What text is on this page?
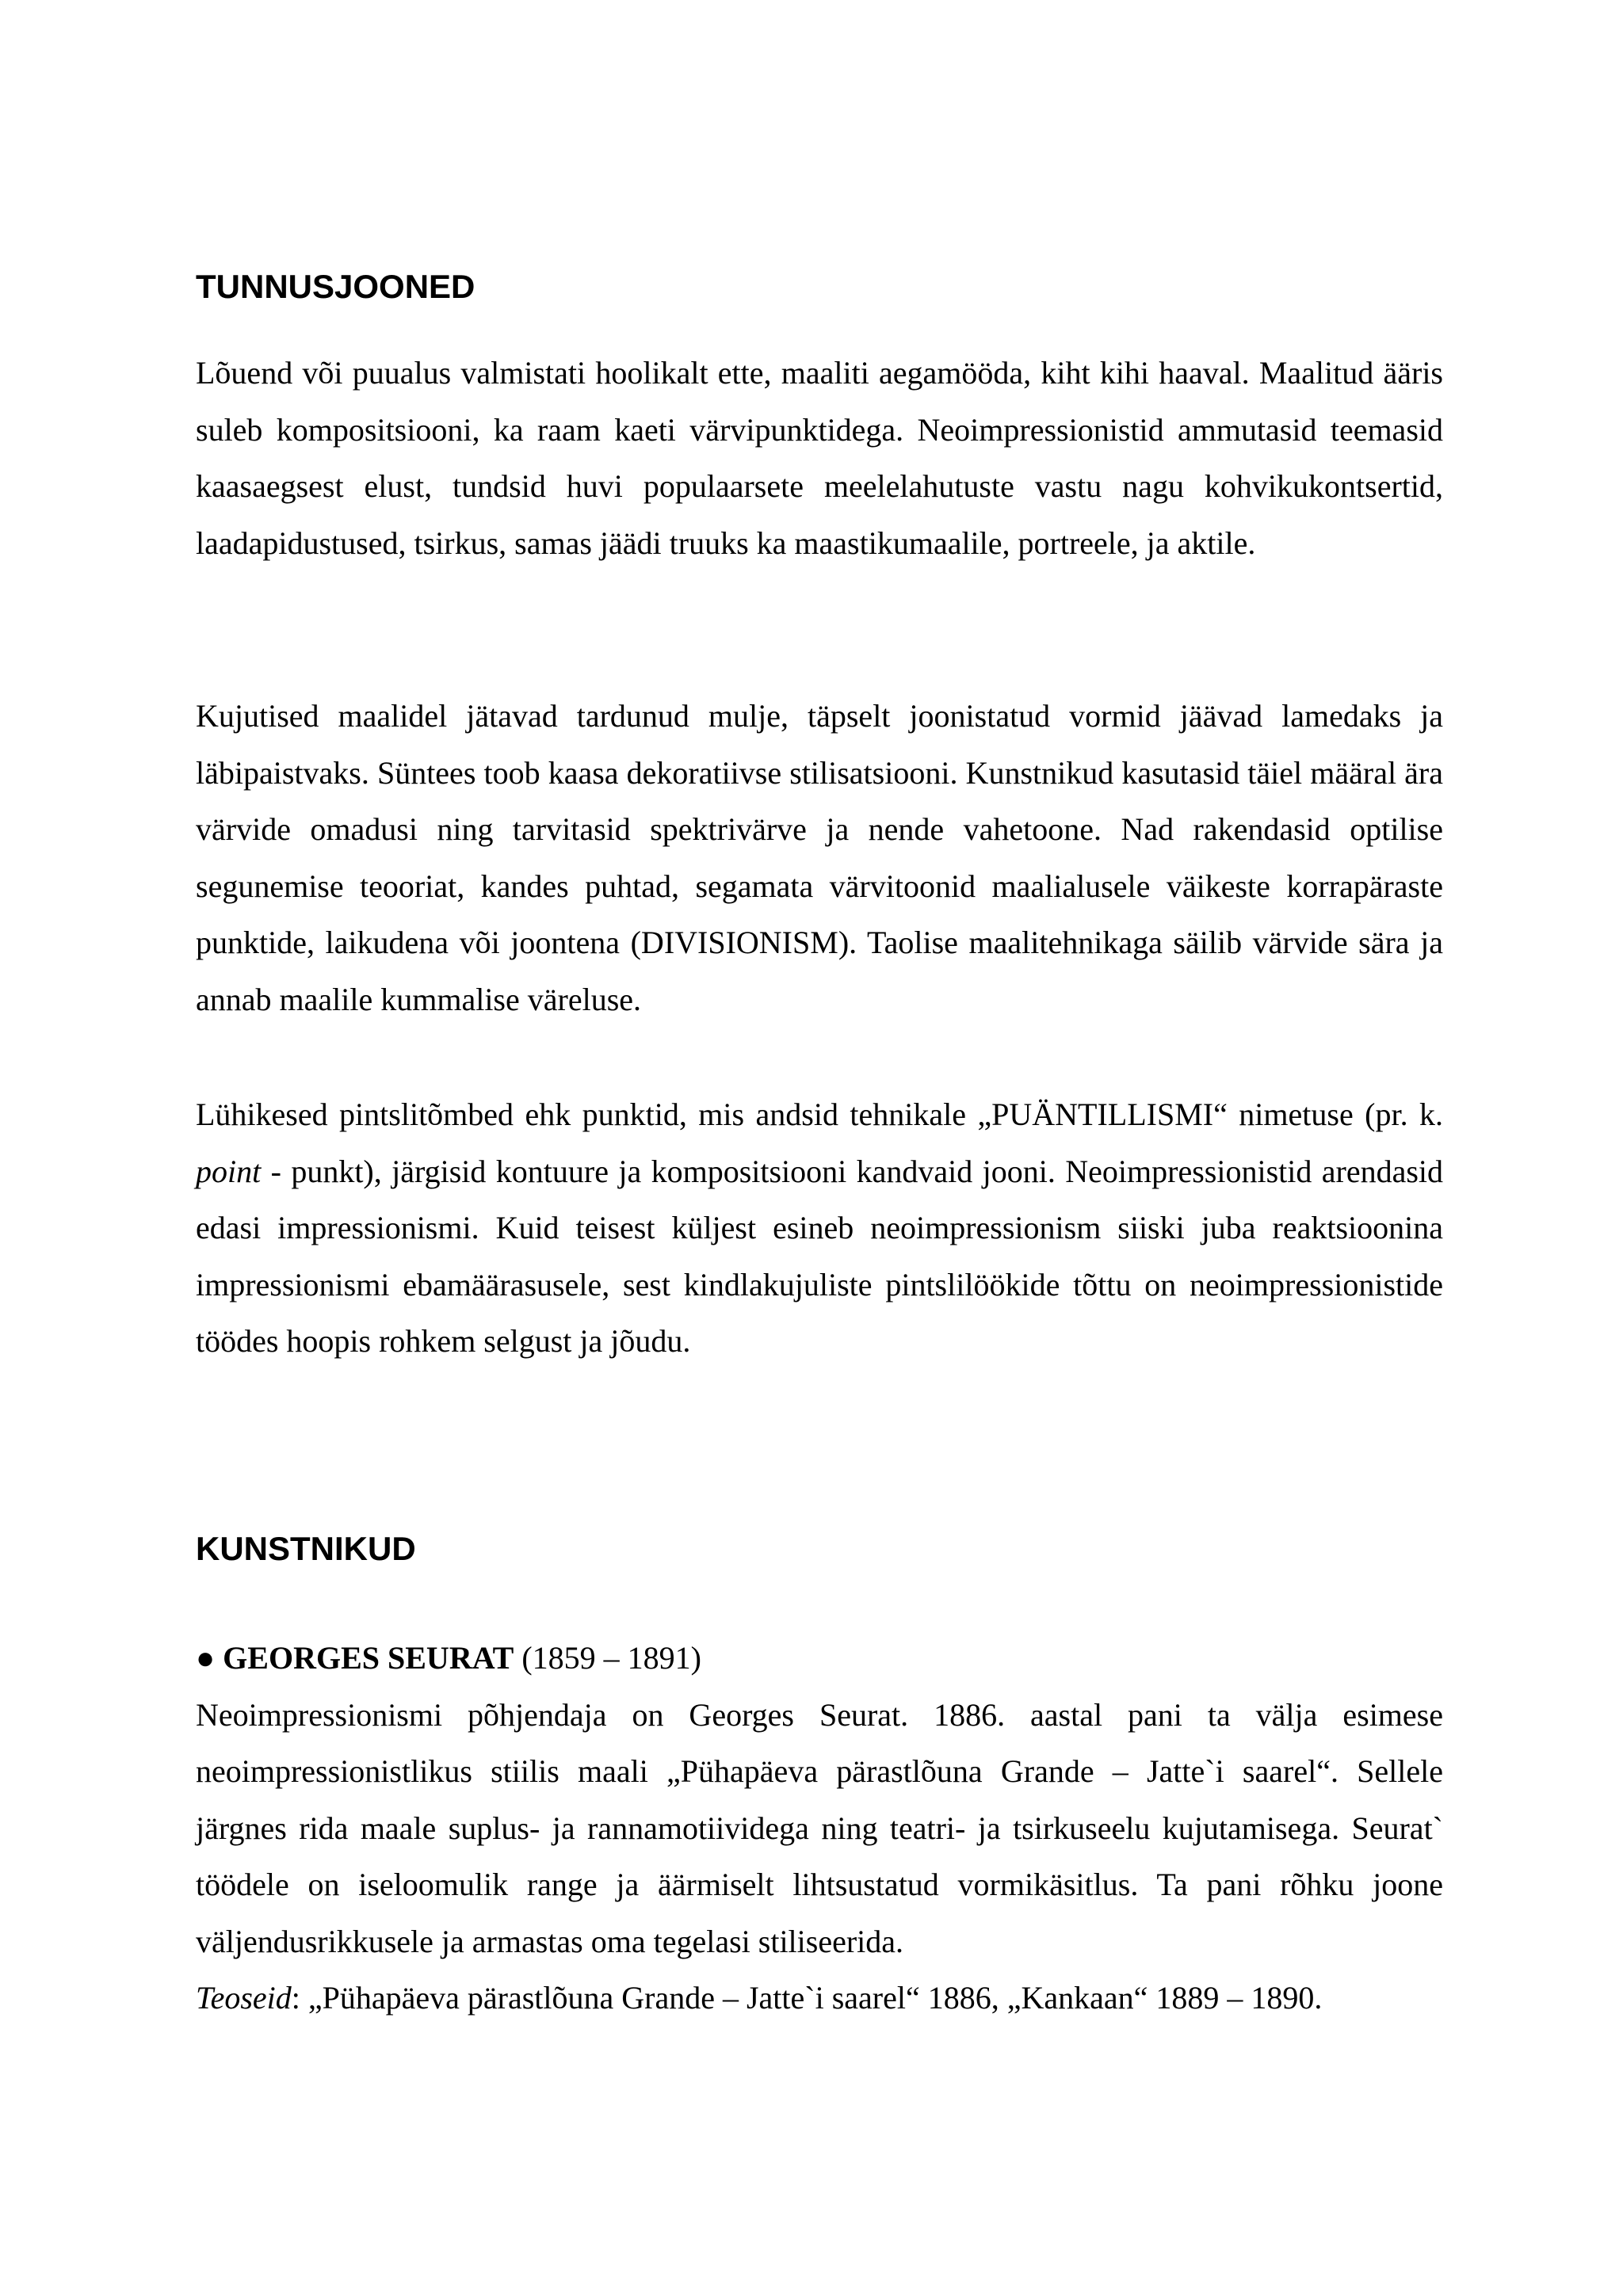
TUNNUSJOONED

Lõuend või puualus valmistati hoolikalt ette, maaliti aegamööda, kiht kihi haaval. Maalitud ääris suleb kompositsiooni, ka raam kaeti värvipunktidega. Neoimpressionistid ammutasid teemasid kaasaegsest elust, tundsid huvi populaarsete meelelahutuste vastu nagu kohvikukontsertid, laadapidustused, tsirkus, samas jäädi truuks ka maastikumaalile, portreele, ja aktile.

Kujutised maalidel jätavad tardunud mulje, täpselt joonistatud vormid jäävad lamedaks ja läbipaistvaks. Süntees toob kaasa dekoratiivse stilisatsiooni. Kunstnikud kasutasid täiel määral ära värvide omadusi ning tarvitasid spektrivärve ja nende vahetoone. Nad rakendasid optilise segunemise teooriat, kandes puhtad, segamata värvitoonid maalialusele väikeste korrapäraste punktide, laikudena või joontena (DIVISIONISM). Taolise maalitehnikaga säilib värvide sära ja annab maalile kummalise väreluse.

Lühikesed pintslitõmbed ehk punktid, mis andsid tehnikale „PUÄNTILLISMI“ nimetuse (pr. k. point - punkt), järgisid kontuure ja kompositsiooni kandvaid jooni. Neoimpressionistid arendasid edasi impressionismi. Kuid teisest küljest esineb neoimpressionism siiski juba reaktsioonina impressionismi ebamäärasusele, sest kindlakujuliste pintslilöökide tõttu on neoimpressionistide töödes hoopis rohkem selgust ja jõudu.

KUNSTNIKUD

● GEORGES SEURAT (1859 – 1891)

Neoimpressionismi põhjendaja on Georges Seurat. 1886. aastal pani ta välja esimese neoimpressionistlikus stiilis maali „Pühapäeva pärastlõuna Grande – Jatte`i saarel“. Sellele järgnes rida maale suplus- ja rannamotiividega ning teatri- ja tsirkuseelu kujutamisega. Seurat` töödele on iseloomulik range ja äärmiselt lihtsustatud vormikäsitlus. Ta pani rõhku joone väljendusrikkusele ja armastas oma tegelasi stiliseerida.

Teoseid: „Pühapäeva pärastlõuna Grande – Jatte`i saarel“ 1886, „Kankaan“ 1889 – 1890.
